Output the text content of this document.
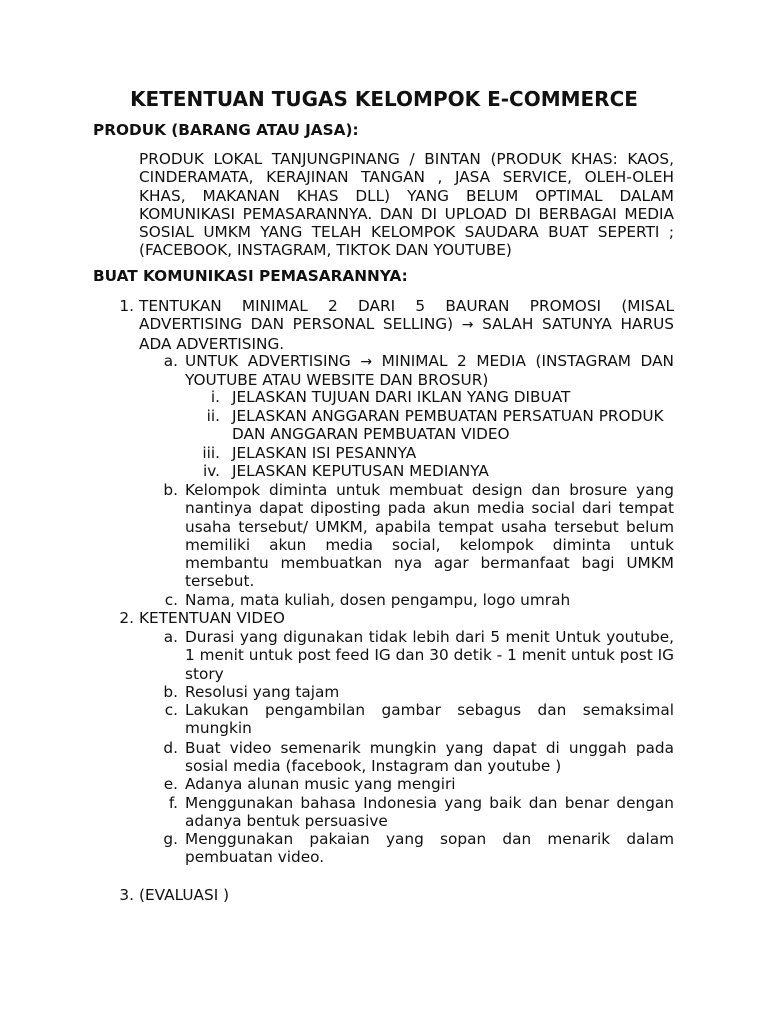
KETENTUAN TUGAS KELOMPOK E-COMMERCE
PRODUK (BARANG ATAU JASA):
PRODUK LOKAL TANJUNGPINANG / BINTAN (PRODUK KHAS: KAOS, CINDERAMATA, KERAJINAN TANGAN , JASA SERVICE, OLEH-OLEH KHAS, MAKANAN KHAS DLL) YANG BELUM OPTIMAL DALAM KOMUNIKASI PEMASARANNYA. DAN DI UPLOAD DI BERBAGAI MEDIA SOSIAL UMKM YANG TELAH KELOMPOK SAUDARA BUAT SEPERTI ; (FACEBOOK, INSTAGRAM, TIKTOK DAN YOUTUBE)
BUAT KOMUNIKASI PEMASARANNYA:
1. TENTUKAN MINIMAL 2 DARI 5 BAURAN PROMOSI (MISAL ADVERTISING DAN PERSONAL SELLING) → SALAH SATUNYA HARUS ADA ADVERTISING.
a. UNTUK ADVERTISING → MINIMAL 2 MEDIA (INSTAGRAM DAN YOUTUBE ATAU WEBSITE DAN BROSUR)
i. JELASKAN TUJUAN DARI IKLAN YANG DIBUAT
ii. JELASKAN ANGGARAN PEMBUATAN PERSATUAN PRODUK DAN ANGGARAN PEMBUATAN VIDEO
iii. JELASKAN ISI PESANNYA
iv. JELASKAN KEPUTUSAN MEDIANYA
b. Kelompok diminta untuk membuat design dan brosure yang nantinya dapat diposting pada akun media social dari tempat usaha tersebut/ UMKM, apabila tempat usaha tersebut belum memiliki akun media social, kelompok diminta untuk membantu membuatkan nya agar bermanfaat bagi UMKM tersebut.
c. Nama, mata kuliah, dosen pengampu, logo umrah
2. KETENTUAN VIDEO
a. Durasi yang digunakan tidak lebih dari 5 menit Untuk youtube, 1 menit untuk post feed IG dan 30 detik - 1 menit untuk post IG story
b. Resolusi yang tajam
c. Lakukan pengambilan gambar sebagus dan semaksimal mungkin
d. Buat video semenarik mungkin yang dapat di unggah pada sosial media (facebook, Instagram dan youtube )
e. Adanya alunan music yang mengiri
f. Menggunakan bahasa Indonesia yang baik dan benar dengan adanya bentuk persuasive
g. Menggunakan pakaian yang sopan dan menarik dalam pembuatan video.
3. (EVALUASI )
